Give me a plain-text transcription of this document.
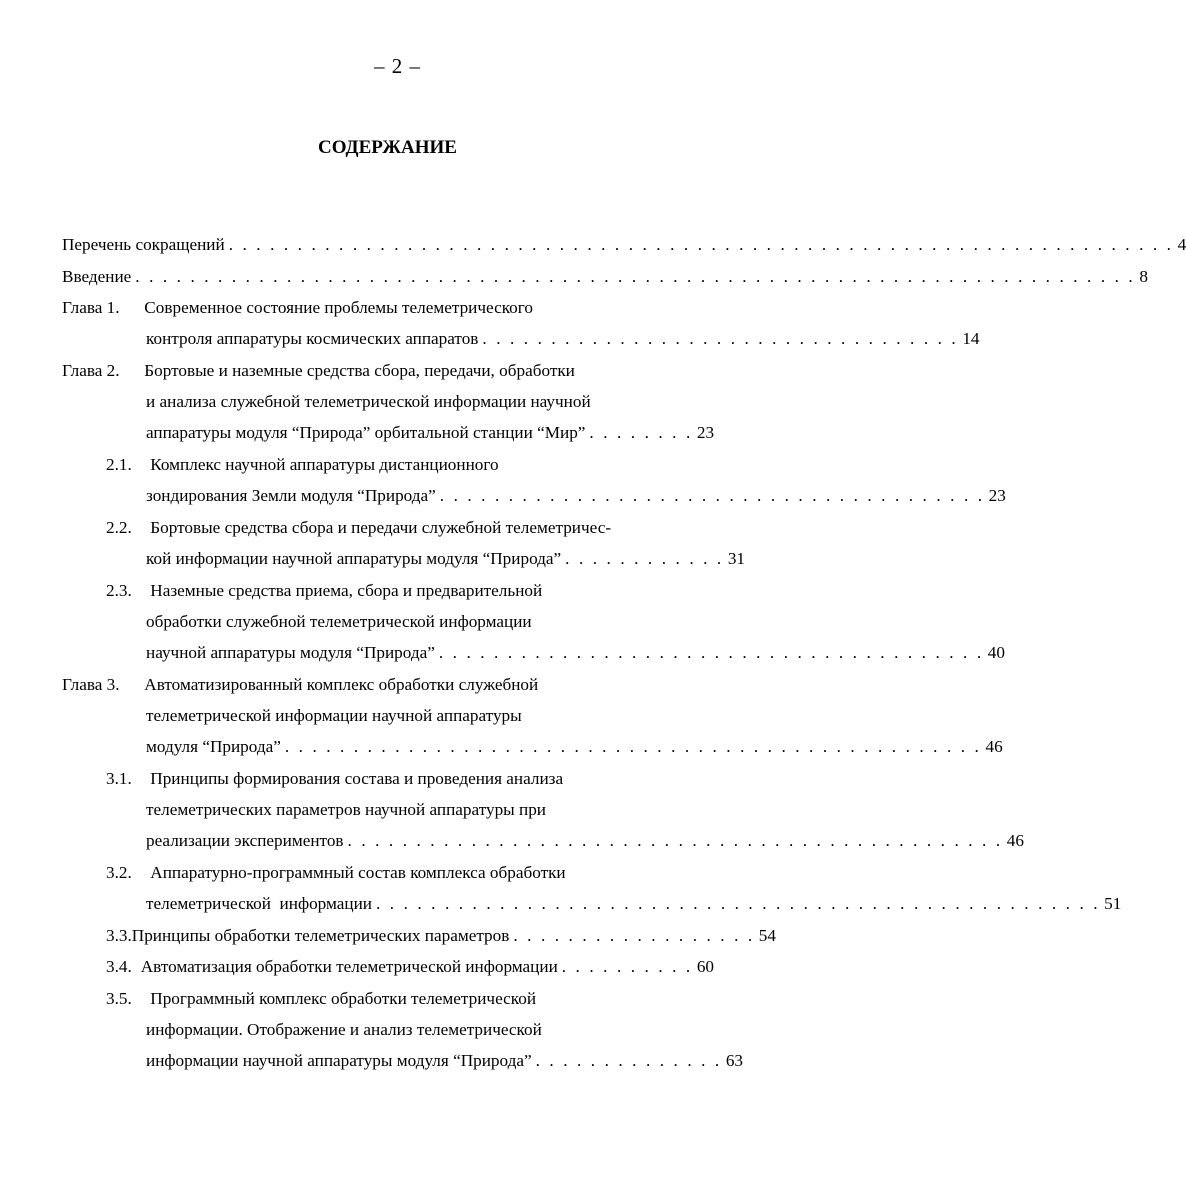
– 2 –
СОДЕРЖАНИЕ
Перечень сокращений . . . . . . . . . . . . . . . . . . . . . . . . . . . . . . . . . . . . . . . . . . . . . . . . . . . . . . . . . . . . . . . . . . . . . 4
Введение . . . . . . . . . . . . . . . . . . . . . . . . . . . . . . . . . . . . . . . . . . . . . . . . . . . . . . . . . . . . . . . . . . . . . . . . . 8
Глава 1. Современное состояние проблемы телеметрического
контроля аппаратуры космических аппаратов . . . . . . . . . . . . . . . . . . . . . . . . . . . . . . . . . . . 14
Глава 2. Бортовые и наземные средства сбора, передачи, обработки
и анализа служебной телеметрической информации научной
аппаратуры модуля “Природа” орбитальной станции “Мир” . . . . . . . . 23
2.1. Комплекс научной аппаратуры дистанционного
зондирования Земли модуля “Природа” . . . . . . . . . . . . . . . . . . . . . . . . . . . . . . . . . . . . . . . . 23
2.2. Бортовые средства сбора и передачи служебной телеметричес-
кой информации научной аппаратуры модуля “Природа” . . . . . . . . . . . . 31
2.3. Наземные средства приема, сбора и предварительной
обработки служебной телеметрической информации
научной аппаратуры модуля “Природа” . . . . . . . . . . . . . . . . . . . . . . . . . . . . . . . . . . . . . . . . 40
Глава 3. Автоматизированный комплекс обработки служебной
телеметрической информации научной аппаратуры
модуля “Природа” . . . . . . . . . . . . . . . . . . . . . . . . . . . . . . . . . . . . . . . . . . . . . . . . . . . 46
3.1. Принципы формирования состава и проведения анализа
телеметрических параметров научной аппаратуры при
реализации экспериментов . . . . . . . . . . . . . . . . . . . . . . . . . . . . . . . . . . . . . . . . . . . . . . . . 46
3.2. Аппаратурно-программный состав комплекса обработки
телеметрической  информации . . . . . . . . . . . . . . . . . . . . . . . . . . . . . . . . . . . . . . . . . . . . . . . . . . . . . 51
3.3. Принципы обработки телеметрических параметров . . . . . . . . . . . . . . . . . . 54
3.4. Автоматизация обработки телеметрической информации . . . . . . . . . . 60
3.5. Программный комплекс обработки телеметрической
информации. Отображение и анализ телеметрической
информации научной аппаратуры модуля “Природа” . . . . . . . . . . . . . . 63
